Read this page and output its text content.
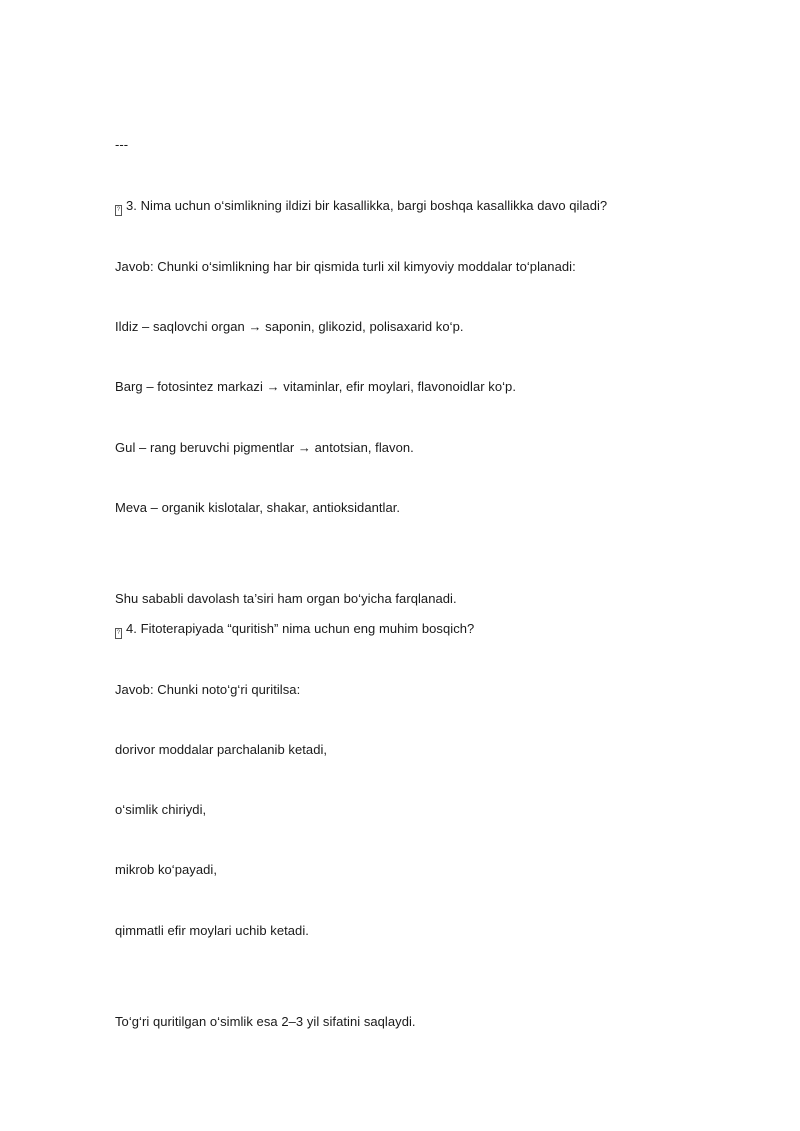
---
? 3. Nima uchun o‘simlikning ildizi bir kasallikka, bargi boshqa kasallikka davo qiladi?
Javob: Chunki o‘simlikning har bir qismida turli xil kimyoviy moddalar to‘planadi:
Ildiz – saqlovchi organ → saponin, glikozid, polisaxarid ko‘p.
Barg – fotosintez markazi → vitaminlar, efir moylari, flavonoidlar ko‘p.
Gul – rang beruvchi pigmentlar → antotsian, flavon.
Meva – organik kislotalar, shakar, antioksidantlar.
Shu sababli davolash ta’siri ham organ bo‘yicha farqlanadi.
? 4. Fitoterapiyada “quritish” nima uchun eng muhim bosqich?
Javob: Chunki noto‘g‘ri quritilsa:
dorivor moddalar parchalanib ketadi,
o‘simlik chiriydi,
mikrob ko‘payadi,
qimmatli efir moylari uchib ketadi.
To‘g‘ri quritilgan o‘simlik esa 2–3 yil sifatini saqlaydi.
